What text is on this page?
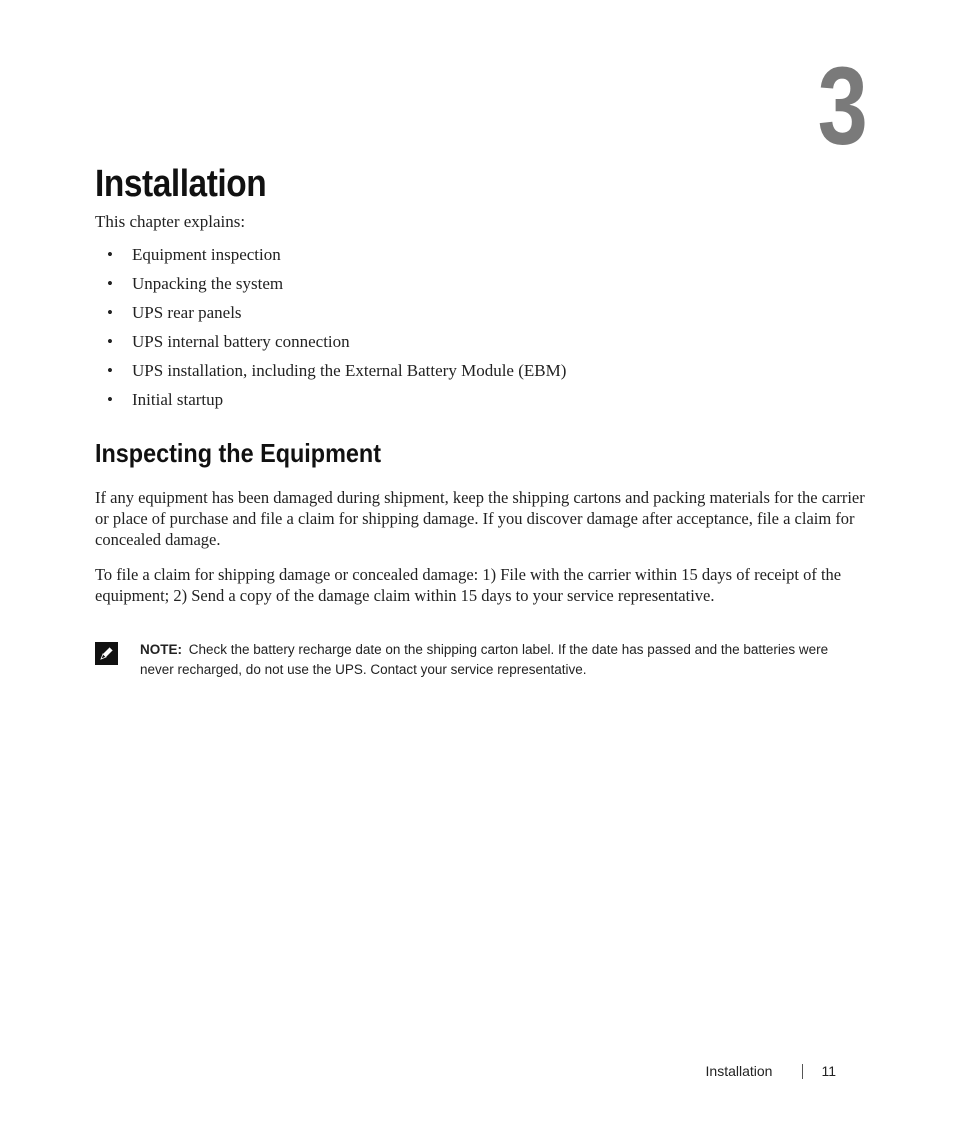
3
Installation

This chapter explains:

• Equipment inspection
• Unpacking the system
• UPS rear panels
• UPS internal battery connection
• UPS installation, including the External Battery Module (EBM)
• Initial startup
Inspecting the Equipment

If any equipment has been damaged during shipment, keep the shipping cartons and packing materials for the carrier or place of purchase and file a claim for shipping damage. If you discover damage after acceptance, file a claim for concealed damage.

To file a claim for shipping damage or concealed damage: 1) File with the carrier within 15 days of receipt of the equipment; 2) Send a copy of the damage claim within 15 days to your service representative.

NOTE: Check the battery recharge date on the shipping carton label. If the date has passed and the batteries were never recharged, do not use the UPS. Contact your service representative.

Installation	11
